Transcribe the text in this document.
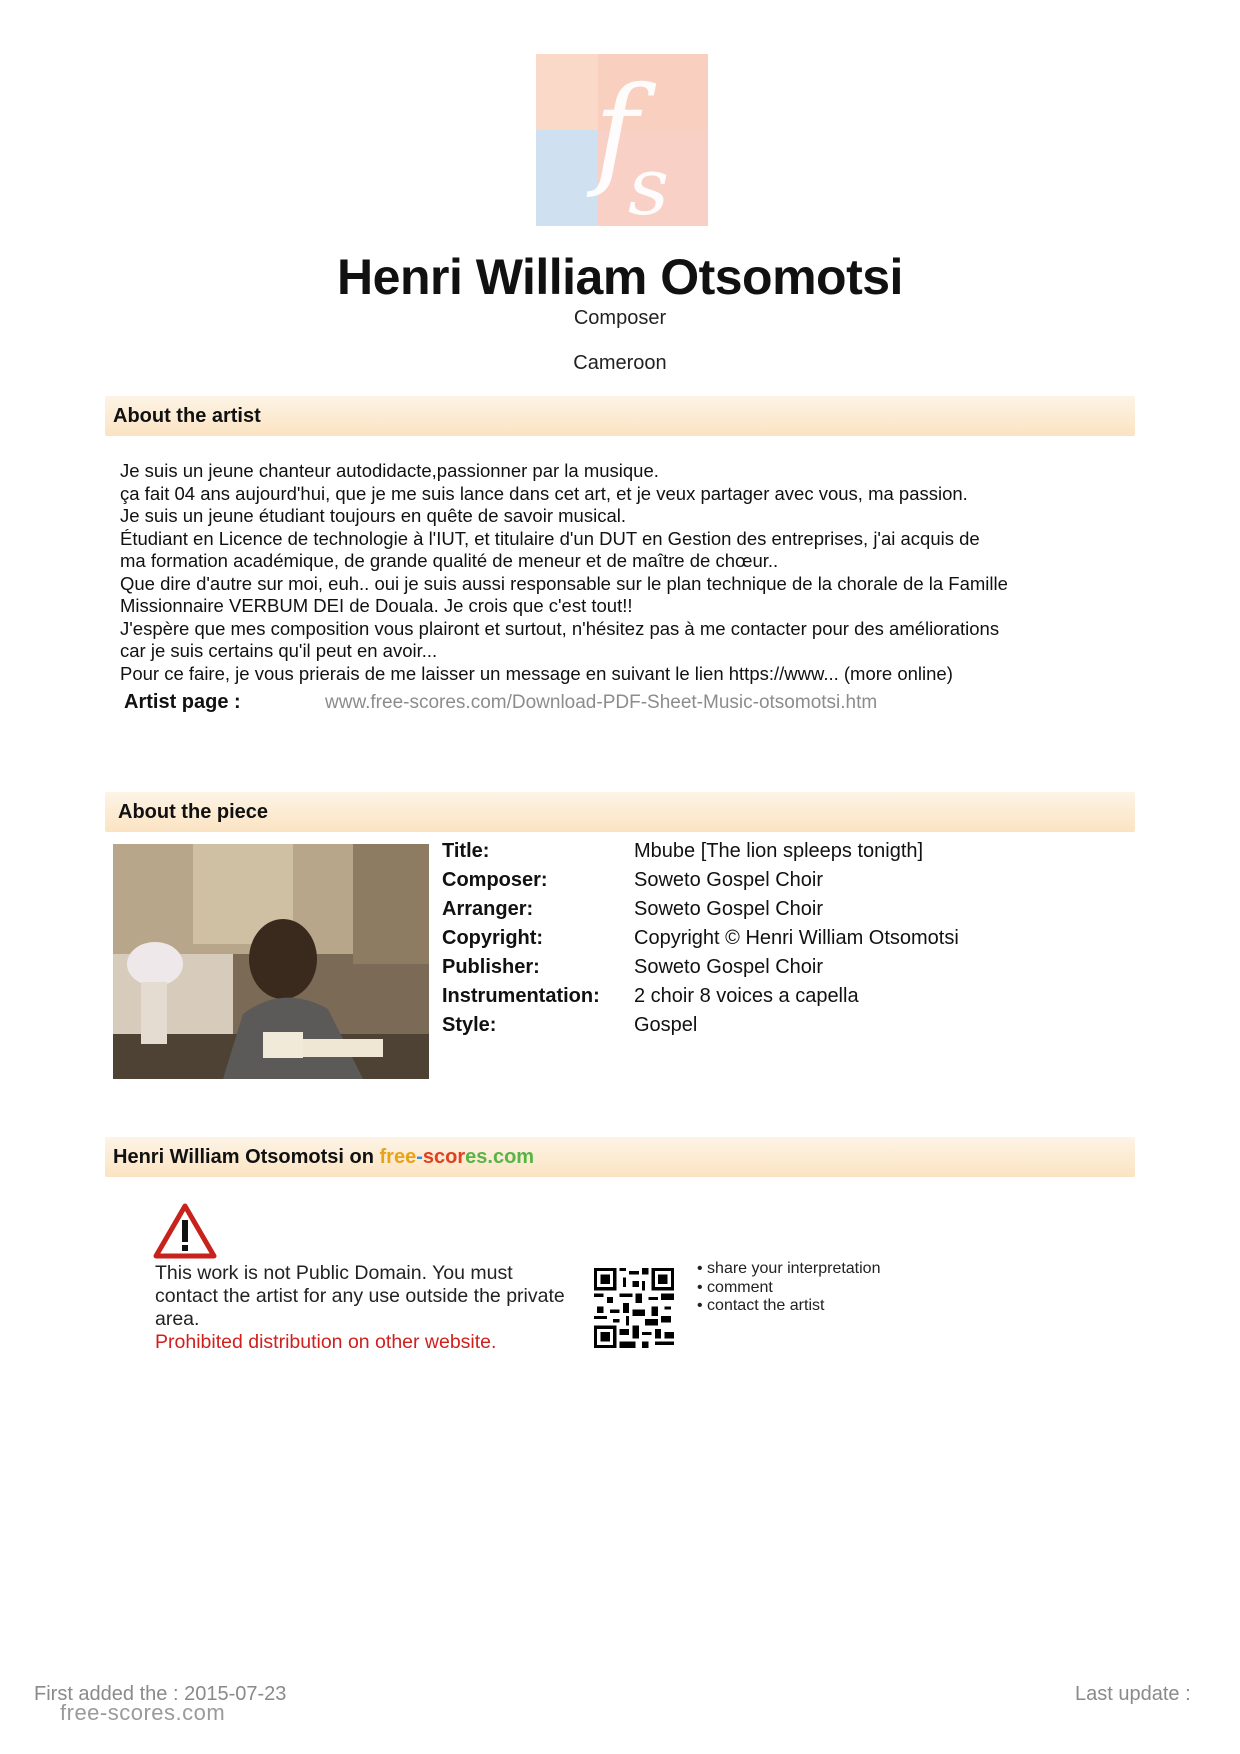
f
s
Henri William Otsomotsi
Composer
Cameroon
About the artist
Je suis un jeune chanteur autodidacte,passionner par la musique.
ça fait 04 ans aujourd'hui, que je me suis lance dans cet art, et je veux partager avec vous, ma passion.
Je suis un jeune étudiant toujours en quête de savoir musical.
Étudiant en Licence de technologie à l'IUT, et titulaire d'un DUT en Gestion des entreprises, j'ai acquis de
ma formation académique, de grande qualité de meneur et de maître de chœur..
Que dire d'autre sur moi, euh.. oui je suis aussi responsable sur le plan technique de la chorale de la Famille
Missionnaire VERBUM DEI de Douala. Je crois que c'est tout!!
J'espère que mes composition vous plairont et surtout, n'hésitez pas à me contacter pour des améliorations
car je suis certains qu'il peut en avoir...
Pour ce faire, je vous prierais de me laisser un message en suivant le lien https://www... (more online)
Artist page :	www.free-scores.com/Download-PDF-Sheet-Music-otsomotsi.htm
About the piece
Title:	Mbube [The lion spleeps tonigth]
Composer:	Soweto Gospel Choir
Arranger:	Soweto Gospel Choir
Copyright:	Copyright © Henri William Otsomotsi
Publisher:	Soweto Gospel Choir
Instrumentation: 2 choir 8 voices a capella
Style:	Gospel
Henri William Otsomotsi on free-scores.com
This work is not Public Domain. You must contact the artist for any use outside the private area.
Prohibited distribution on other website.
• share your interpretation
• comment
• contact the artist
First added the : 2015-07-23
free-scores.com
Last update :
